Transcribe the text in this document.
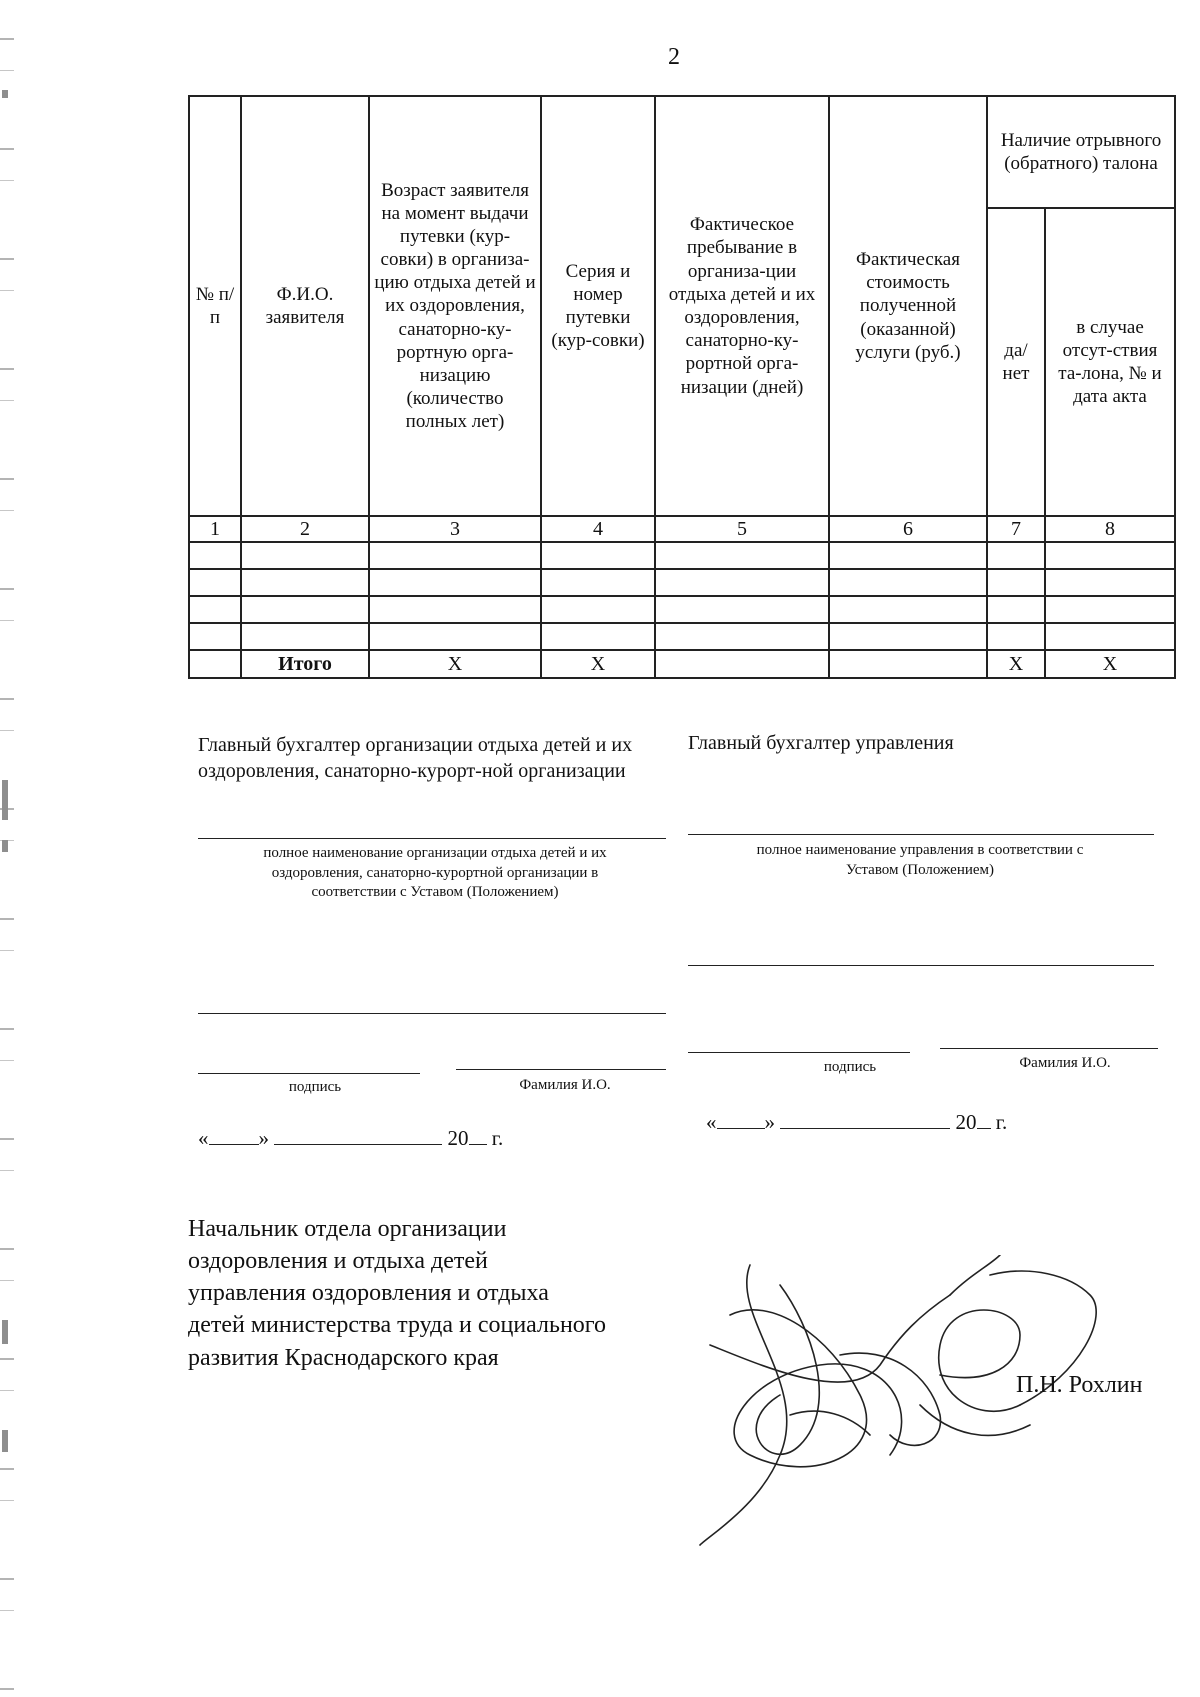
2
№ п/п	Ф.И.О. заявителя	Возраст заявителя на момент выдачи путевки (кур-совки) в организа-цию отдыха детей и их оздоровления, санаторно-ку-рортную орга-низацию (количество полных лет)	Серия и номер путевки (кур-совки)	Фактическое пребывание в организа-ции отдыха детей и их оздоровления, санаторно-ку-рортной орга-низации (дней)	Фактическая стоимость полученной (оказанной) услуги (руб.)	Наличие отрывного (обратного) талона	
						да/ нет	в случае отсут-ствия та-лона, № и дата акта
1	2	3	4	5	6	7	8

	Итого	Х	Х			Х	Х
Главный бухгалтер организации отдыха детей и их оздоровления, санаторно-курорт-ной организации
полное наименование организации отдыха детей и их оздоровления, санаторно-курортной организации в соответствии с Уставом (Положением)
подпись	Фамилия И.О.
« »	20 г.
Главный бухгалтер управления
полное наименование управления в соответствии с Уставом (Положением)
подпись	Фамилия И.О.
« »	20 г.
Начальник отдела организации оздоровления и отдыха детей управления оздоровления и отдыха детей министерства труда и социального развития Краснодарского края
П.Н. Рохлин
